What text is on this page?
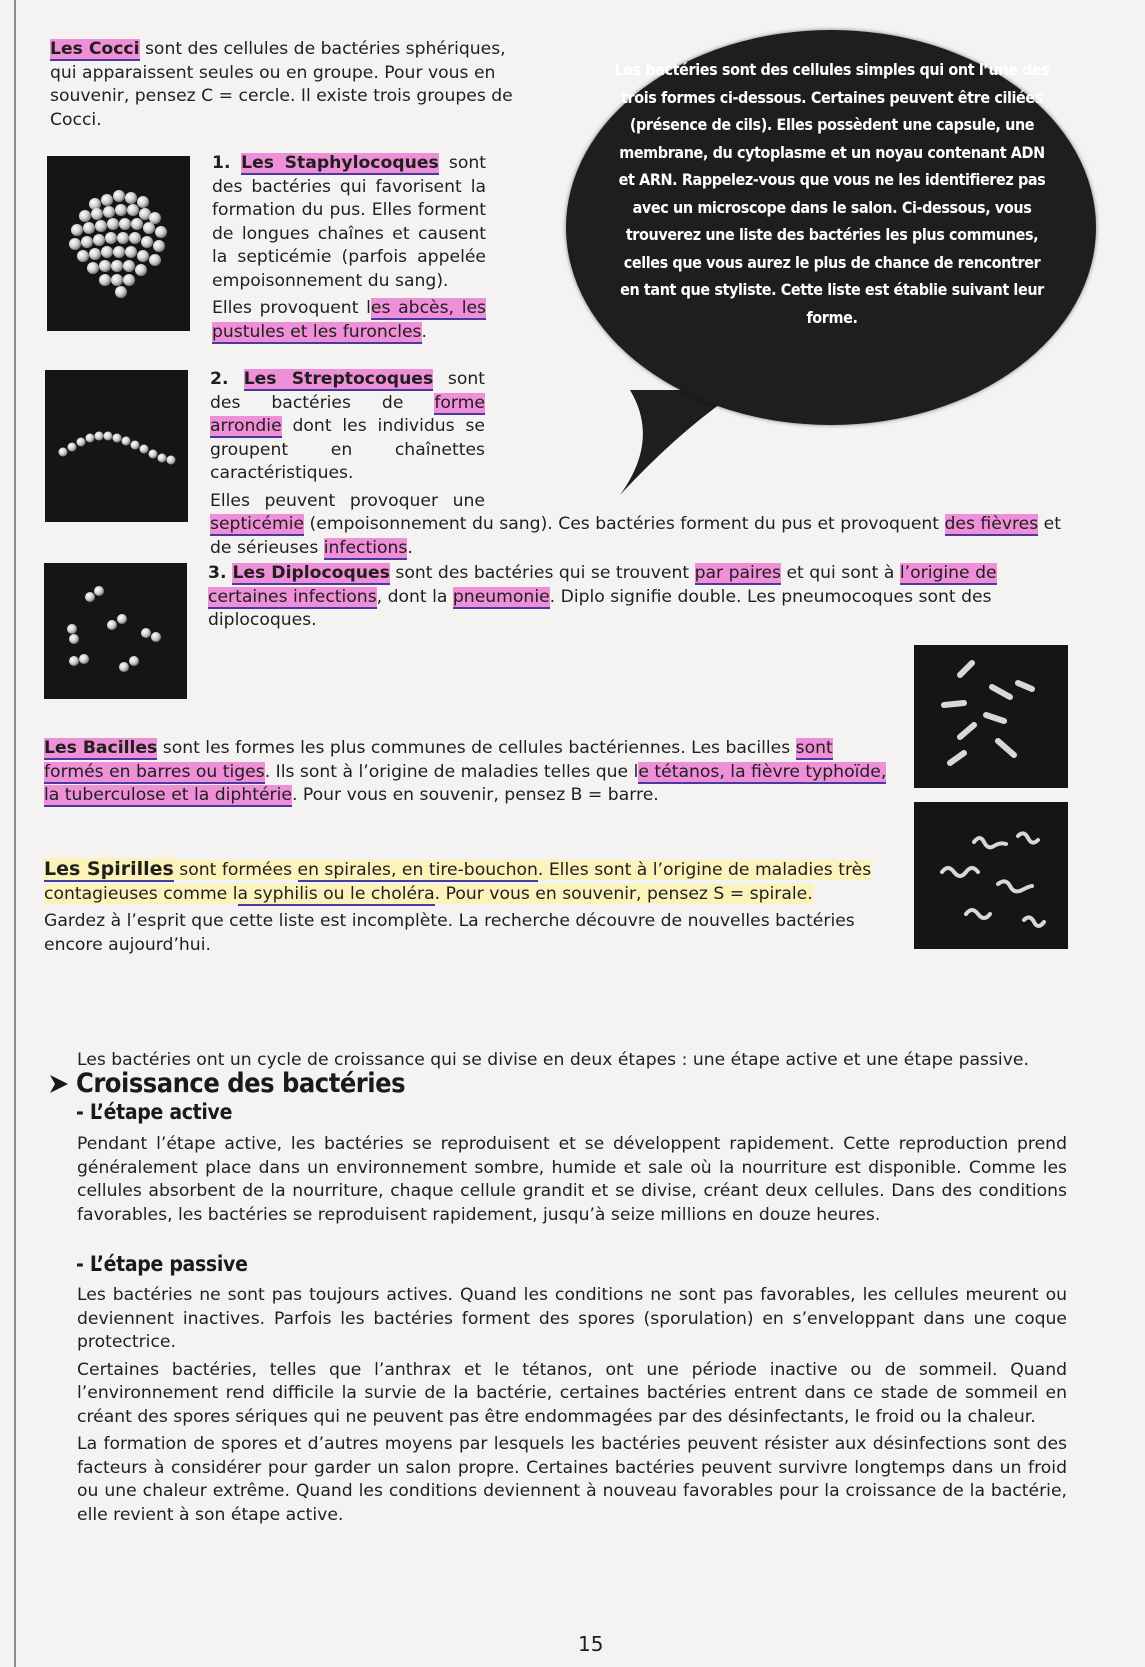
Les Cocci sont des cellules de bactéries sphériques, qui apparaissent seules ou en groupe. Pour vous en souvenir, pensez C = cercle. Il existe trois groupes de Cocci.

1. Les Staphylocoques sont des bactéries qui favorisent la formation du pus. Elles forment de longues chaînes et causent la septicémie (parfois appelée empoisonnement du sang).

Elles provoquent les abcès, les pustules et les furoncles.

Les bactéries sont des cellules simples qui ont l’une des trois formes ci-dessous. Certaines peuvent être ciliées (présence de cils). Elles possèdent une capsule, une membrane, du cytoplasme et un noyau contenant ADN et ARN. Rappelez-vous que vous ne les identifierez pas avec un microscope dans le salon. Ci-dessous, vous trouverez une liste des bactéries les plus communes, celles que vous aurez le plus de chance de rencontrer en tant que styliste. Cette liste est établie suivant leur forme.

2. Les Streptocoques sont des bactéries de forme arrondie dont les individus se groupent en chaînettes caractéristiques.

Elles peuvent provoquer une
septicémie (empoisonnement du sang). Ces bactéries forment du pus et provoquent des fièvres et de sérieuses infections.

3. Les Diplocoques sont des bactéries qui se trouvent par paires et qui sont à l’origine de certaines infections, dont la pneumonie. Diplo signifie double. Les pneumocoques sont des diplocoques.

Les Bacilles sont les formes les plus communes de cellules bactériennes. Les bacilles sont formés en barres ou tiges. Ils sont à l’origine de maladies telles que le tétanos, la fièvre typhoïde, la tuberculose et la diphtérie. Pour vous en souvenir, pensez B = barre.

Les Spirilles sont formées en spirales, en tire-bouchon. Elles sont à l’origine de maladies très contagieuses comme la syphilis ou le choléra. Pour vous en souvenir, pensez S = spirale.

Gardez à l’esprit que cette liste est incomplète. La recherche découvre de nouvelles bactéries encore aujourd’hui.

Croissance des bactéries

Les bactéries ont un cycle de croissance qui se divise en deux étapes : une étape active et une étape passive.

- L’étape active

Pendant l’étape active, les bactéries se reproduisent et se développent rapidement. Cette reproduction prend généralement place dans un environnement sombre, humide et sale où la nourriture est disponible. Comme les cellules absorbent de la nourriture, chaque cellule grandit et se divise, créant deux cellules. Dans des conditions favorables, les bactéries se reproduisent rapidement, jusqu’à seize millions en douze heures.

- L’étape passive

Les bactéries ne sont pas toujours actives. Quand les conditions ne sont pas favorables, les cellules meurent ou deviennent inactives. Parfois les bactéries forment des spores (sporulation) en s’enveloppant dans une coque protectrice.

Certaines bactéries, telles que l’anthrax et le tétanos, ont une période inactive ou de sommeil. Quand l’environnement rend difficile la survie de la bactérie, certaines bactéries entrent dans ce stade de sommeil en créant des spores sériques qui ne peuvent pas être endommagées par des désinfectants, le froid ou la chaleur.

La formation de spores et d’autres moyens par lesquels les bactéries peuvent résister aux désinfections sont des facteurs à considérer pour garder un salon propre. Certaines bactéries peuvent survivre longtemps dans un froid ou une chaleur extrême. Quand les conditions deviennent à nouveau favorables pour la croissance de la bactérie, elle revient à son étape active.

15
